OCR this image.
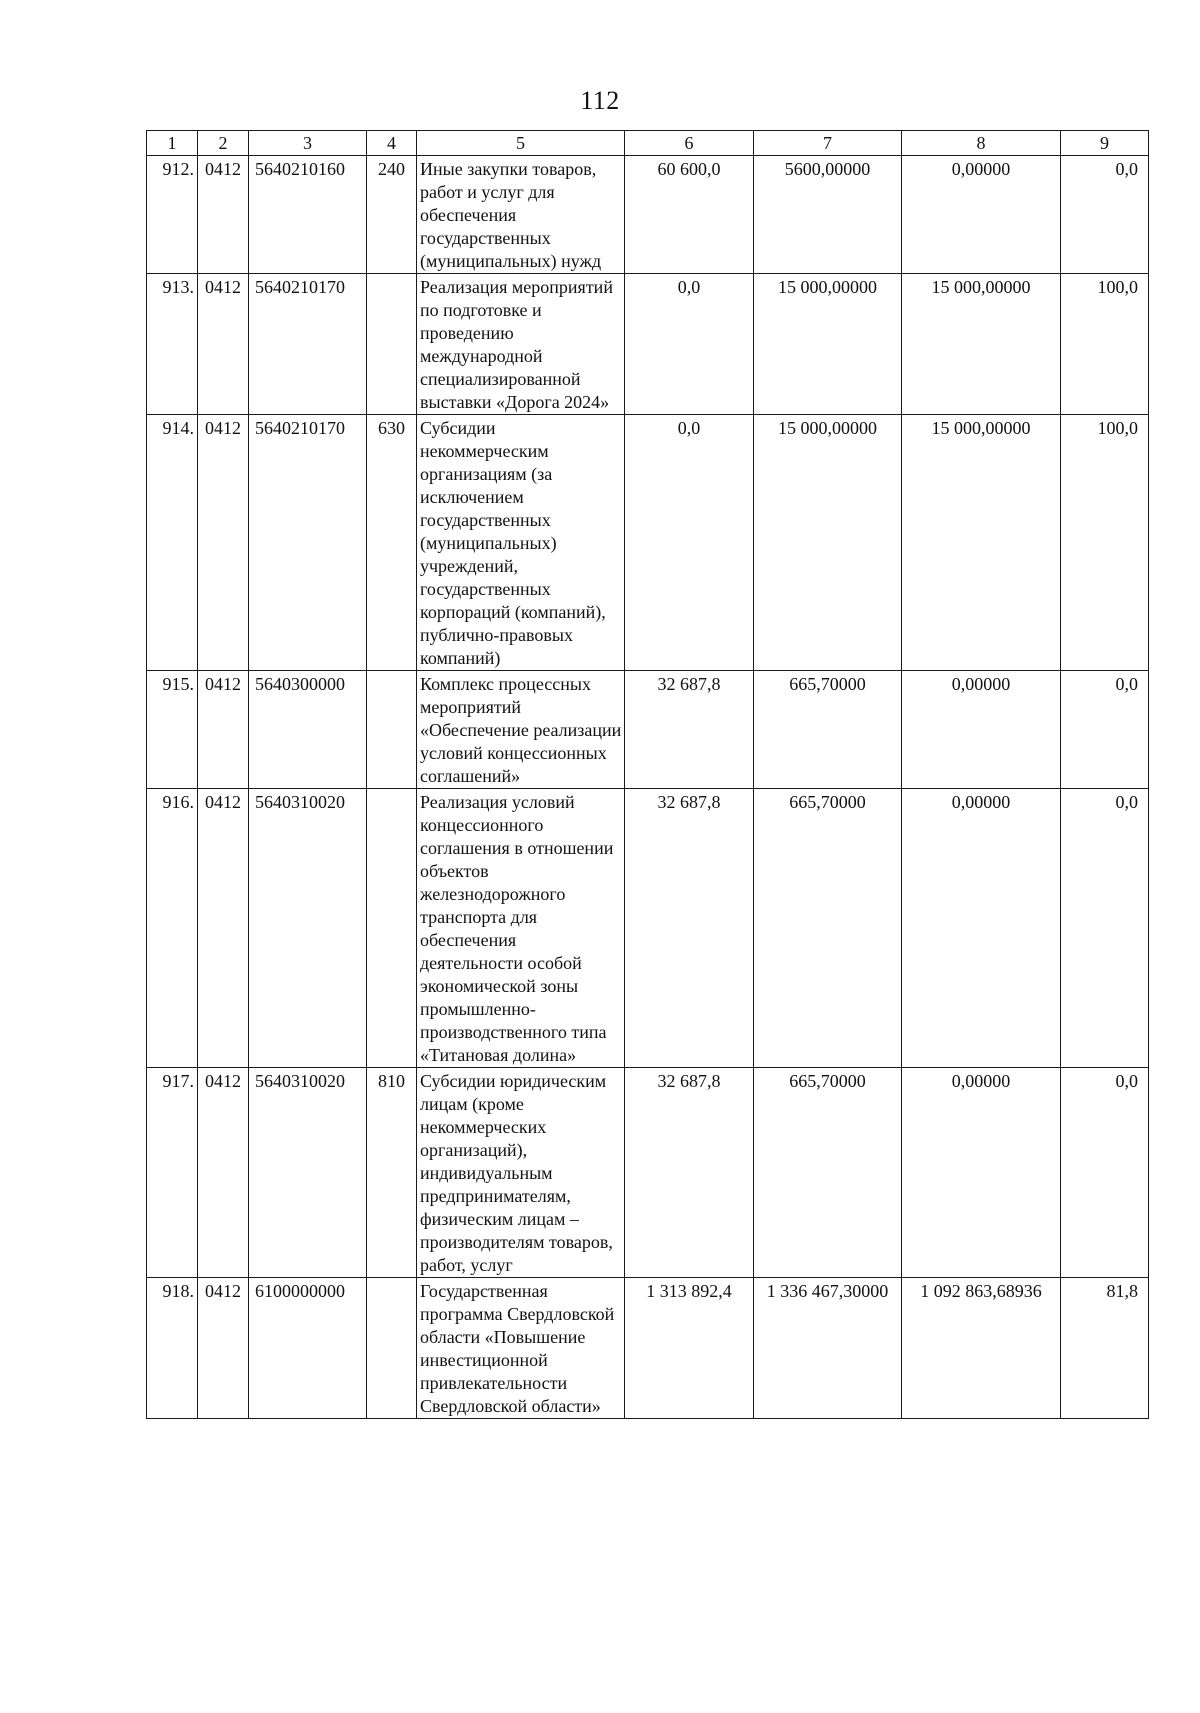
112
1	2	3	4	5	6	7	8	9
912.	0412	5640210160	240	Иные закупки товаров, работ и услуг для обеспечения государственных (муниципальных) нужд	60 600,0	5600,00000	0,00000	0,0
913.	0412	5640210170		Реализация мероприятий по подготовке и проведению международной специализированной выставки «Дорога 2024»	0,0	15 000,00000	15 000,00000	100,0
914.	0412	5640210170	630	Субсидии некоммерческим организациям (за исключением государственных (муниципальных) учреждений, государственных корпораций (компаний), публично-правовых компаний)	0,0	15 000,00000	15 000,00000	100,0
915.	0412	5640300000		Комплекс процессных мероприятий «Обеспечение реализации условий концессионных соглашений»	32 687,8	665,70000	0,00000	0,0
916.	0412	5640310020		Реализация условий концессионного соглашения в отношении объектов железнодорожного транспорта для обеспечения деятельности особой экономической зоны промышленно-производственного типа «Титановая долина»	32 687,8	665,70000	0,00000	0,0
917.	0412	5640310020	810	Субсидии юридическим лицам (кроме некоммерческих организаций), индивидуальным предпринимателям, физическим лицам – производителям товаров, работ, услуг	32 687,8	665,70000	0,00000	0,0
918.	0412	6100000000		Государственная программа Свердловской области «Повышение инвестиционной привлекательности Свердловской области»	1 313 892,4	1 336 467,30000	1 092 863,68936	81,8
